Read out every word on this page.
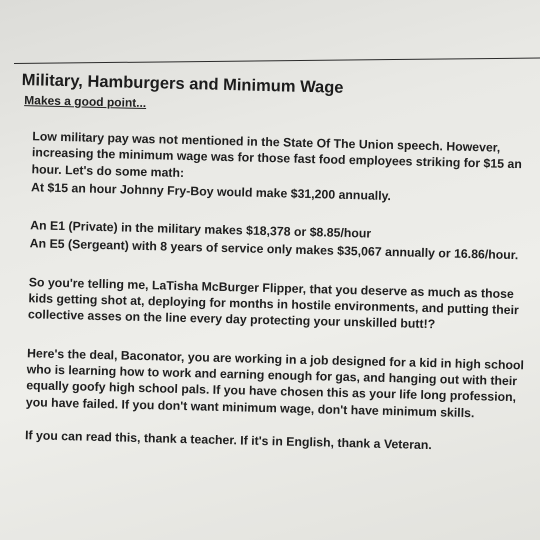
Military, Hamburgers and Minimum Wage
Makes a good point...

Low military pay was not mentioned in the State Of The Union speech. However, increasing the minimum wage was for those fast food employees striking for $15 an hour. Let's do some math:

At $15 an hour Johnny Fry-Boy would make $31,200 annually.

An E1 (Private) in the military makes $18,378 or $8.85/hour

An E5 (Sergeant) with 8 years of service only makes $35,067 annually or 16.86/hour.

So you're telling me, LaTisha McBurger Flipper, that you deserve as much as those kids getting shot at, deploying for months in hostile environments, and putting their collective asses on the line every day protecting your unskilled butt!?

Here's the deal, Baconator, you are working in a job designed for a kid in high school who is learning how to work and earning enough for gas, and hanging out with their equally goofy high school pals. If you have chosen this as your life long profession, you have failed. If you don't want minimum wage, don't have minimum skills.

If you can read this, thank a teacher. If it's in English, thank a Veteran.
